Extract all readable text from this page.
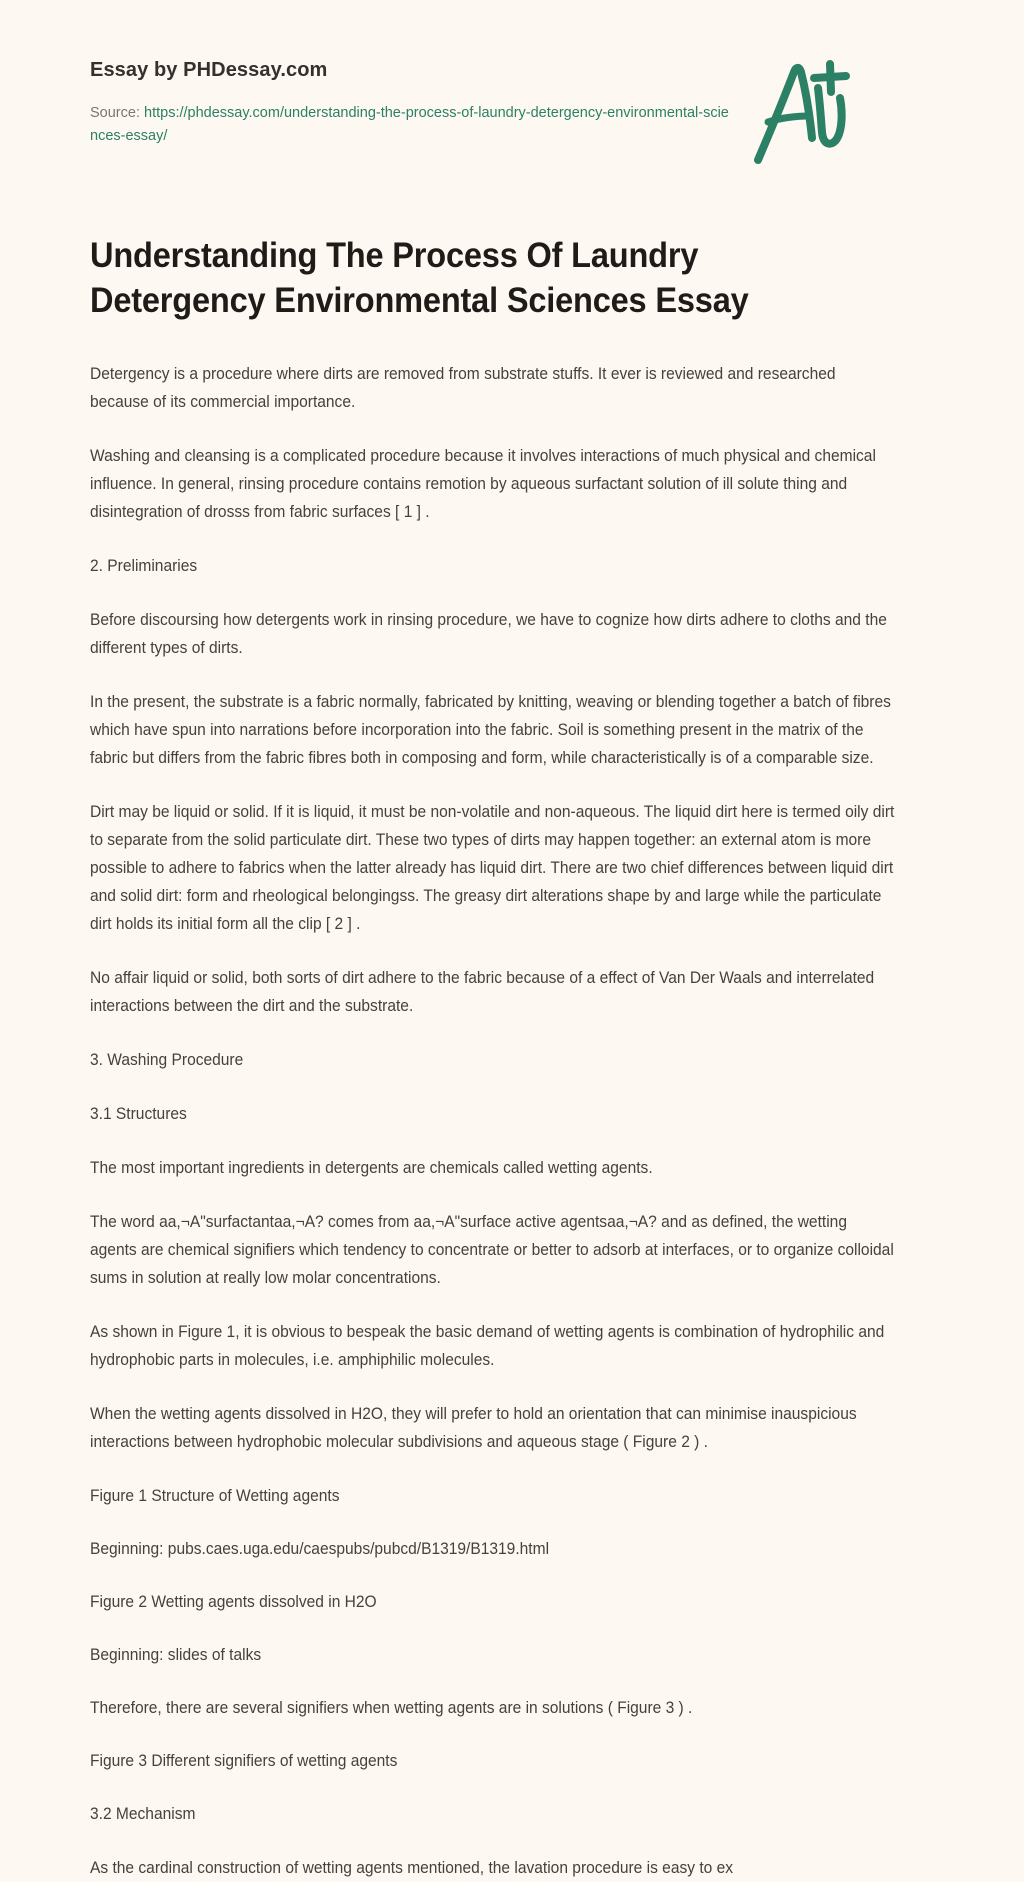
Essay by PHDessay.com
Source: https://phdessay.com/understanding-the-process-of-laundry-detergency-environmental-sciences-essay/
Understanding The Process Of Laundry Detergency Environmental Sciences Essay

Detergency is a procedure where dirts are removed from substrate stuffs. It ever is reviewed and researched because of its commercial importance.

Washing and cleansing is a complicated procedure because it involves interactions of much physical and chemical influence. In general, rinsing procedure contains remotion by aqueous surfactant solution of ill solute thing and disintegration of drosss from fabric surfaces [ 1 ] .

2. Preliminaries

Before discoursing how detergents work in rinsing procedure, we have to cognize how dirts adhere to cloths and the different types of dirts.

In the present, the substrate is a fabric normally, fabricated by knitting, weaving or blending together a batch of fibres which have spun into narrations before incorporation into the fabric. Soil is something present in the matrix of the fabric but differs from the fabric fibres both in composing and form, while characteristically is of a comparable size.

Dirt may be liquid or solid. If it is liquid, it must be non-volatile and non-aqueous. The liquid dirt here is termed oily dirt to separate from the solid particulate dirt. These two types of dirts may happen together: an external atom is more possible to adhere to fabrics when the latter already has liquid dirt. There are two chief differences between liquid dirt and solid dirt: form and rheological belongingss. The greasy dirt alterations shape by and large while the particulate dirt holds its initial form all the clip [ 2 ] .

No affair liquid or solid, both sorts of dirt adhere to the fabric because of a effect of Van Der Waals and interrelated interactions between the dirt and the substrate.

3. Washing Procedure

3.1 Structures

The most important ingredients in detergents are chemicals called wetting agents.

The word aa,¬A"surfactantaa,¬A? comes from aa,¬A"surface active agentsaa,¬A? and as defined, the wetting agents are chemical signifiers which tendency to concentrate or better to adsorb at interfaces, or to organize colloidal sums in solution at really low molar concentrations.

As shown in Figure 1, it is obvious to bespeak the basic demand of wetting agents is combination of hydrophilic and hydrophobic parts in molecules, i.e. amphiphilic molecules.

When the wetting agents dissolved in H2O, they will prefer to hold an orientation that can minimise inauspicious interactions between hydrophobic molecular subdivisions and aqueous stage ( Figure 2 ) .

Figure 1 Structure of Wetting agents

Beginning: pubs.caes.uga.edu/caespubs/pubcd/B1319/B1319.html

Figure 2 Wetting agents dissolved in H2O

Beginning: slides of talks

Therefore, there are several signifiers when wetting agents are in solutions ( Figure 3 ) .

Figure 3 Different signifiers of wetting agents

3.2 Mechanism

As the cardinal construction of wetting agents mentioned, the lavation procedure is easy to ex
